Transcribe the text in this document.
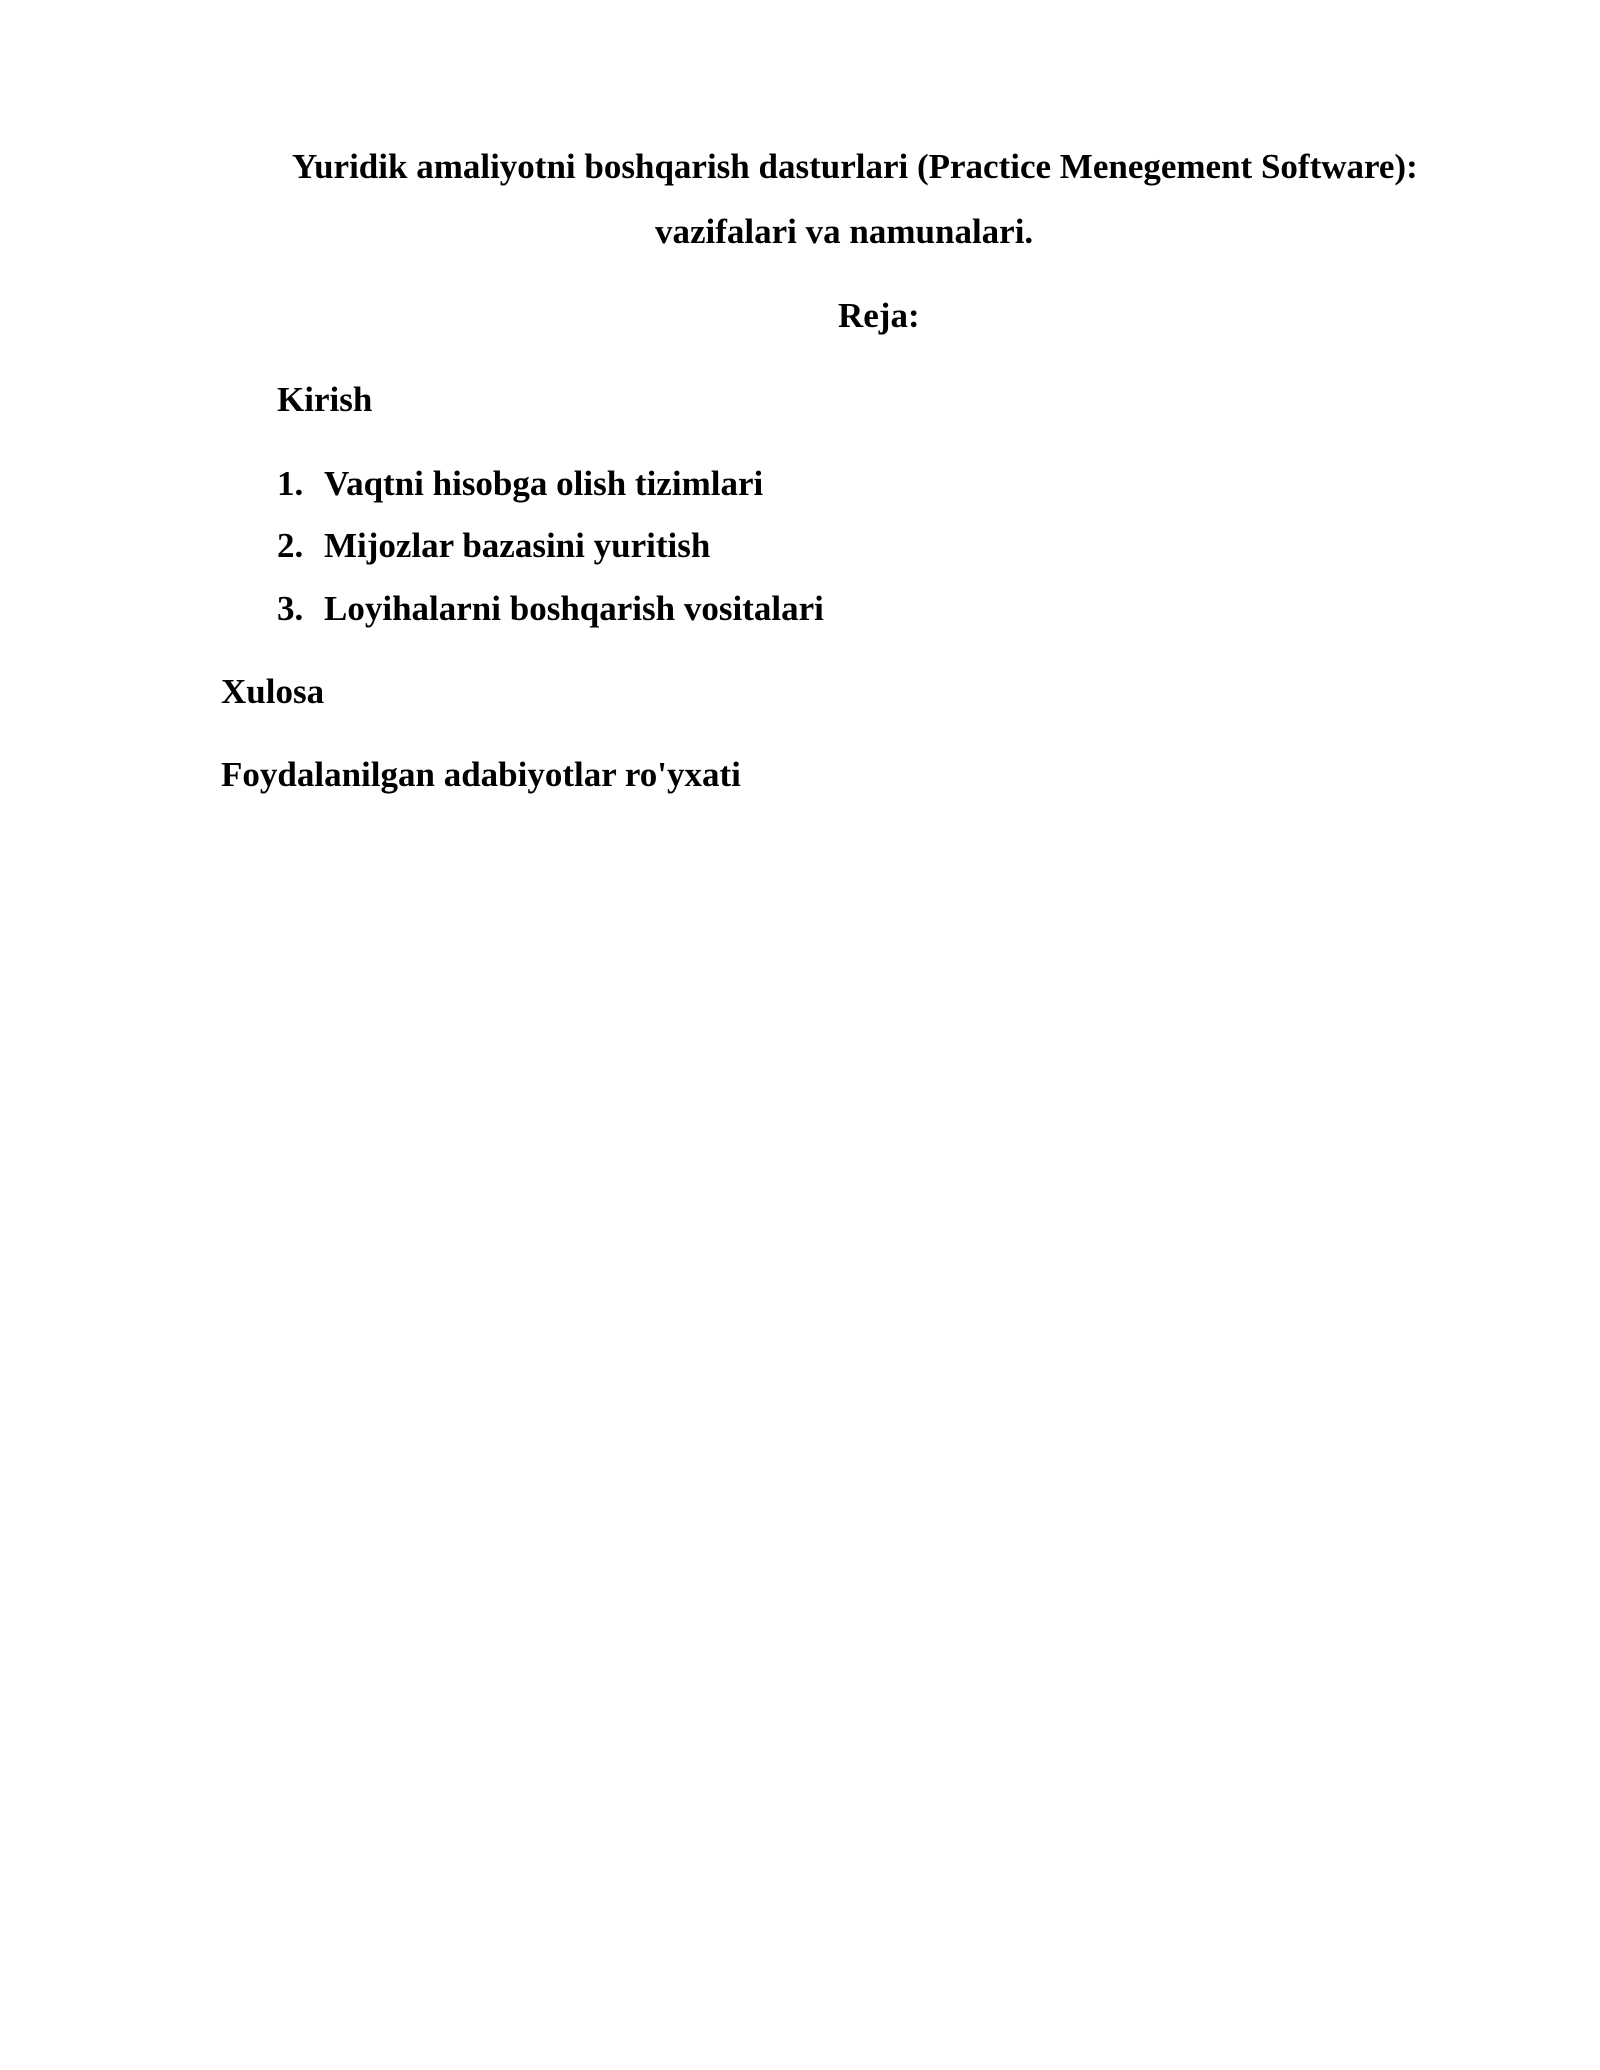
Yuridik amaliyotni boshqarish dasturlari (Practice Menegement Software):
vazifalari va namunalari.
Reja:
Kirish
1. Vaqtni hisobga olish tizimlari
2. Mijozlar bazasini yuritish
3. Loyihalarni boshqarish vositalari
Xulosa
Foydalanilgan adabiyotlar ro'yxati
